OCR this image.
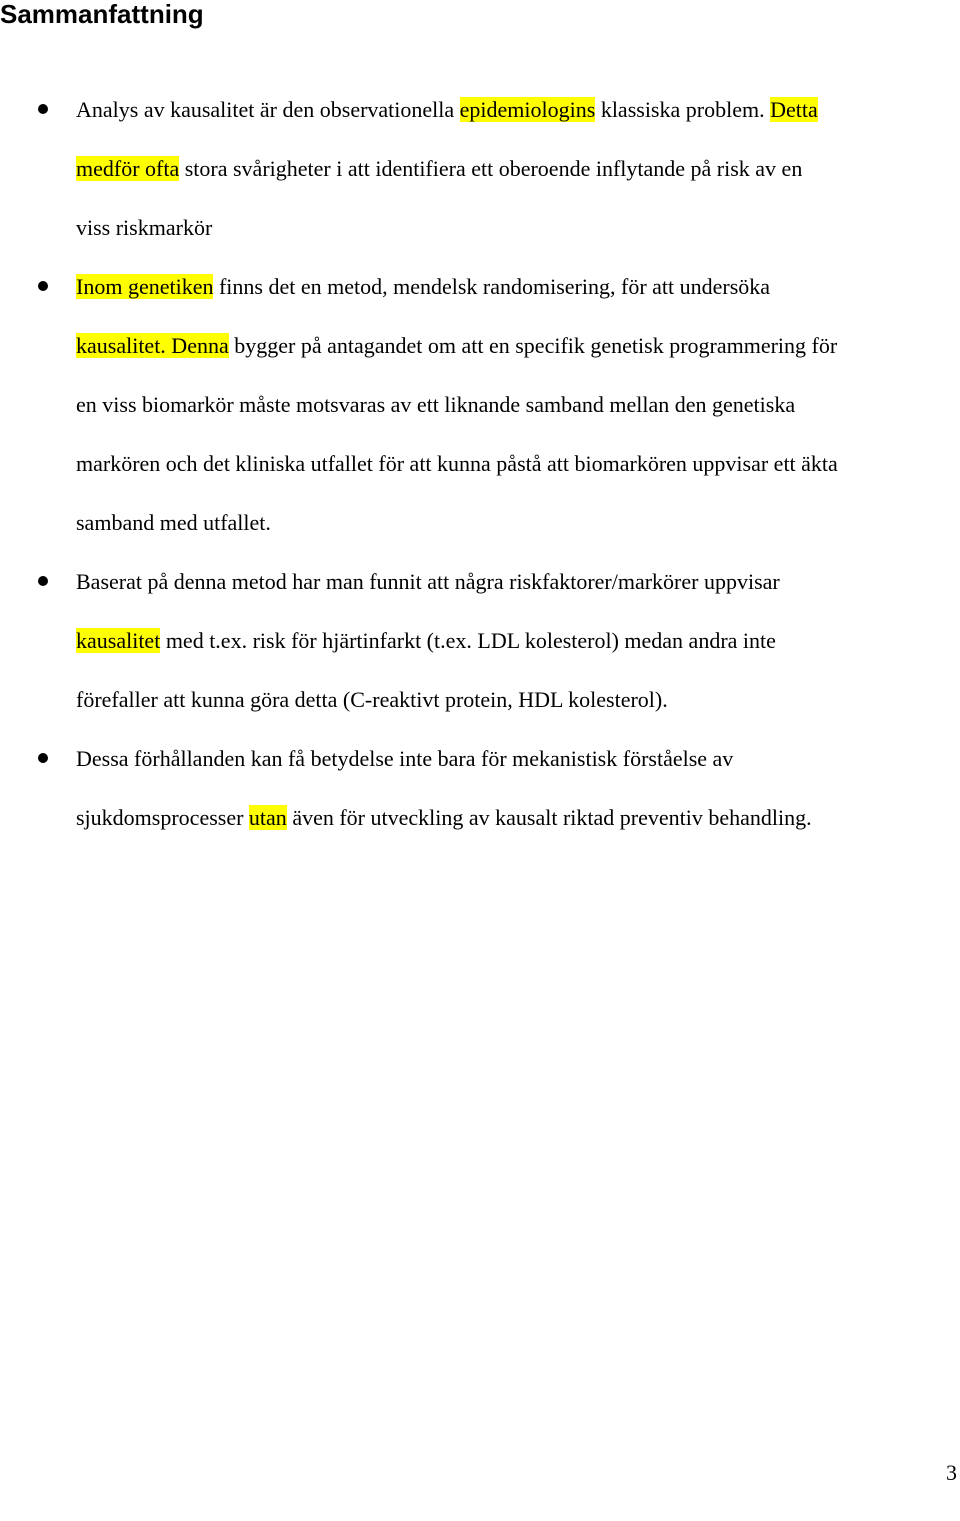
Sammanfattning
Analys av kausalitet är den observationella epidemiologins klassiska problem. Detta
medför ofta stora svårigheter i att identifiera ett oberoende inflytande på risk av en
viss riskmarkör
Inom genetiken finns det en metod, mendelsk randomisering, för att undersöka
kausalitet. Denna bygger på antagandet om att en specifik genetisk programmering för
en viss biomarkör måste motsvaras av ett liknande samband mellan den genetiska
markören och det kliniska utfallet för att kunna påstå att biomarkören uppvisar ett äkta
samband med utfallet.
Baserat på denna metod har man funnit att några riskfaktorer/markörer uppvisar
kausalitet med t.ex. risk för hjärtinfarkt (t.ex. LDL kolesterol) medan andra inte
förefaller att kunna göra detta (C-reaktivt protein, HDL kolesterol).
Dessa förhållanden kan få betydelse inte bara för mekanistisk förståelse av
sjukdomsprocesser utan även för utveckling av kausalt riktad preventiv behandling.
3
